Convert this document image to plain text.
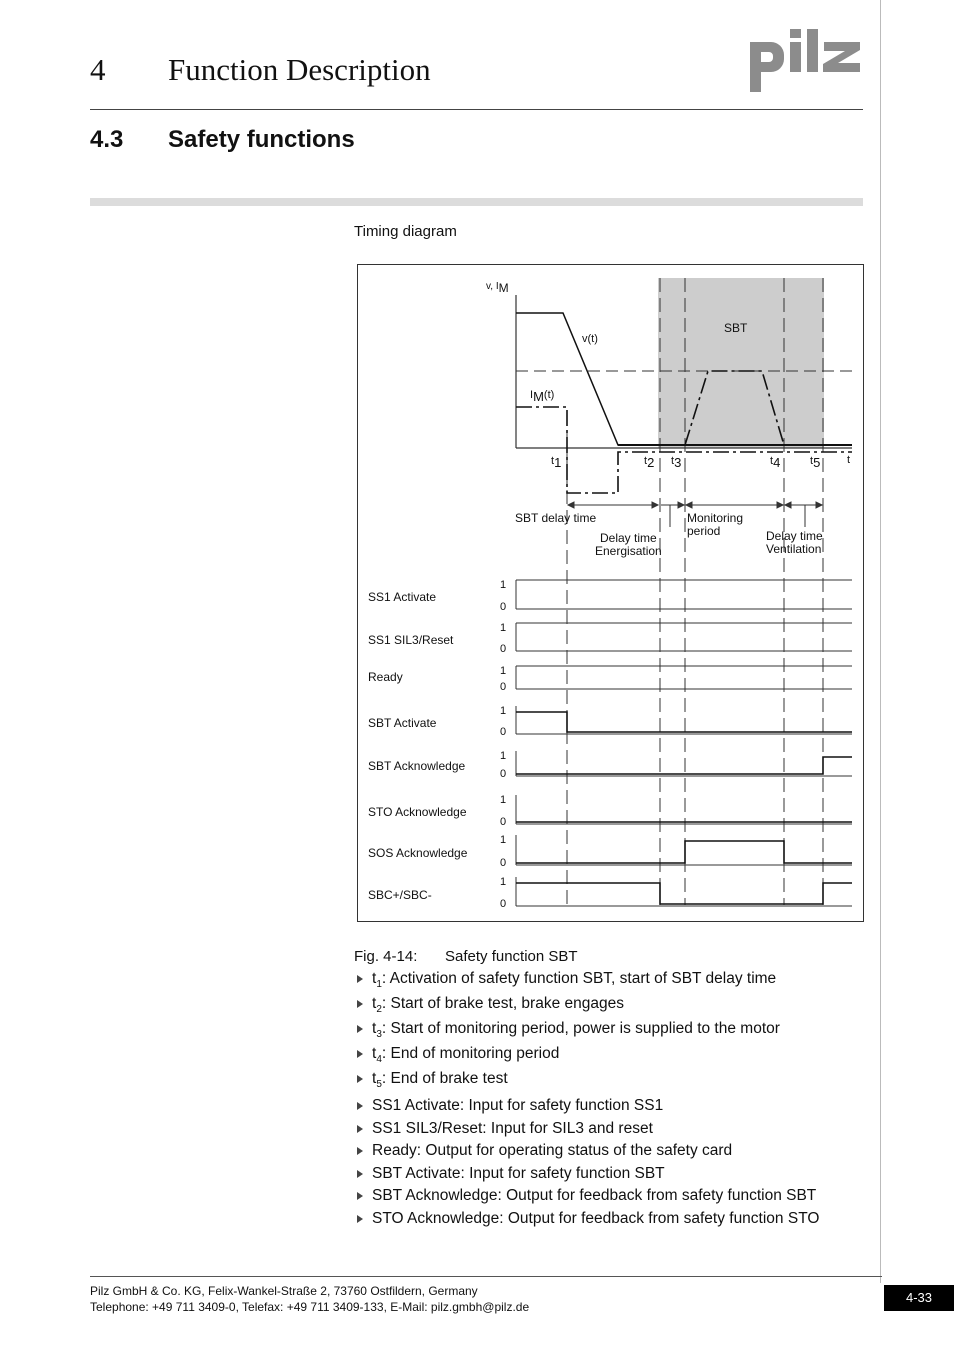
4 Function Description
4.3 Safety functions
Timing diagram
SBT
v, IM
v(t)
IM(t)
t
t1	t2 t3	t4	t5
SBT delay time
Delay time
Energisation
Monitoring
period	Delay time
Ventilation
SS1 Activate
1
0
SS1 SIL3/Reset
1
0
Ready	1
0
SBT Activate
1
0
SBT Acknowledge
1
0
STO Acknowledge
1
0
SOS Acknowledge
1
0
SBC+/SBC-
1
0
Fig. 4-14: Safety function SBT
$t_1$: Activation of safety function SBT, start of SBT delay time
$t_2$: Start of brake test, brake engages
$t_3$: Start of monitoring period, power is supplied to the motor
$t_4$: End of monitoring period
$t_5$: End of brake test
SS1 Activate: Input for safety function SS1
SS1 SIL3/Reset: Input for SIL3 and reset
Ready: Output for operating status of the safety card
SBT Activate: Input for safety function SBT
SBT Acknowledge: Output for feedback from safety function SBT
STO Acknowledge: Output for feedback from safety function STO
Pilz GmbH & Co. KG, Felix-Wankel-Straße 2, 73760 Ostfildern, Germany
Telephone: +49 711 3409-0, Telefax: +49 711 3409-133, E-Mail: pilz.gmbh@pilz.de
4-33
